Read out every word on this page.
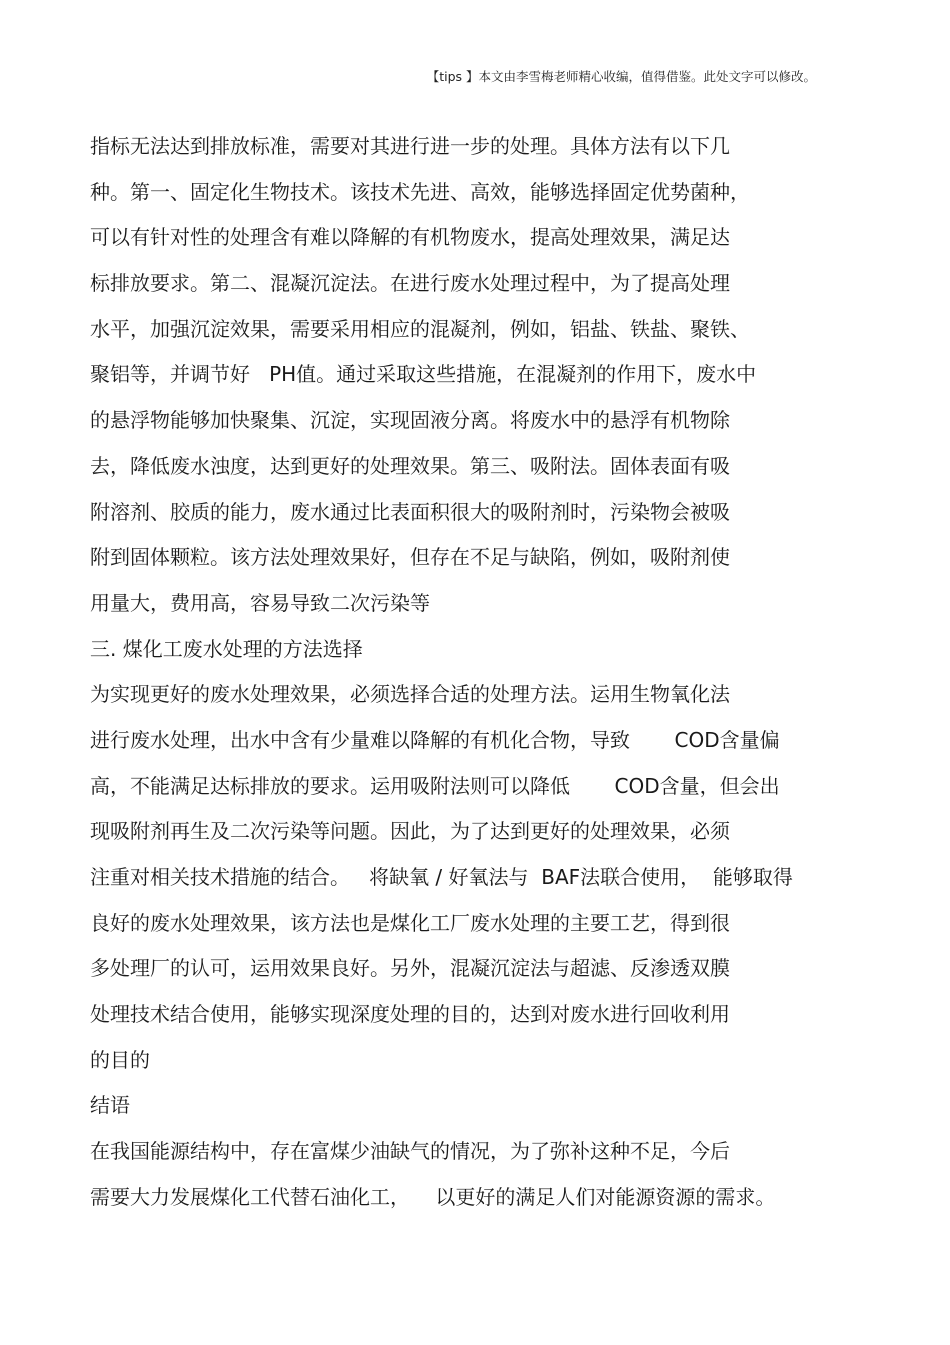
【tips 】本文由李雪梅老师精心收编，值得借鉴。此处文字可以修改。
指标无法达到排放标准，需要对其进行进一步的处理。具体方法有以下几
种。第一、固定化生物技术。该技术先进、高效，能够选择固定优势菌种，
可以有针对性的处理含有难以降解的有机物废水，提高处理效果，满足达
标排放要求。第二、混凝沉淀法。在进行废水处理过程中，为了提高处理
水平，加强沉淀效果，需要采用相应的混凝剂，例如，铝盐、铁盐、聚铁、
聚铝等，并调节好   PH值。通过采取这些措施，在混凝剂的作用下，废水中
的悬浮物能够加快聚集、沉淀，实现固液分离。将废水中的悬浮有机物除
去，降低废水浊度，达到更好的处理效果。第三、吸附法。固体表面有吸
附溶剂、胶质的能力，废水通过比表面积很大的吸附剂时，污染物会被吸
附到固体颗粒。该方法处理效果好，但存在不足与缺陷，例如，吸附剂使
用量大，费用高，容易导致二次污染等
三. 煤化工废水处理的方法选择
为实现更好的废水处理效果，必须选择合适的处理方法。运用生物氧化法
进行废水处理，出水中含有少量难以降解的有机化合物，导致       COD含量偏
高，不能满足达标排放的要求。运用吸附法则可以降低       COD含量，但会出
现吸附剂再生及二次污染等问题。因此，为了达到更好的处理效果，必须
注重对相关技术措施的结合。   将缺氧 / 好氧法与  BAF法联合使用，  能够取得
良好的废水处理效果，该方法也是煤化工厂废水处理的主要工艺，得到很
多处理厂的认可，运用效果良好。另外，混凝沉淀法与超滤、反渗透双膜
处理技术结合使用，能够实现深度处理的目的，达到对废水进行回收利用
的目的
结语
在我国能源结构中，存在富煤少油缺气的情况，为了弥补这种不足，今后
需要大力发展煤化工代替石油化工，    以更好的满足人们对能源资源的需求。
